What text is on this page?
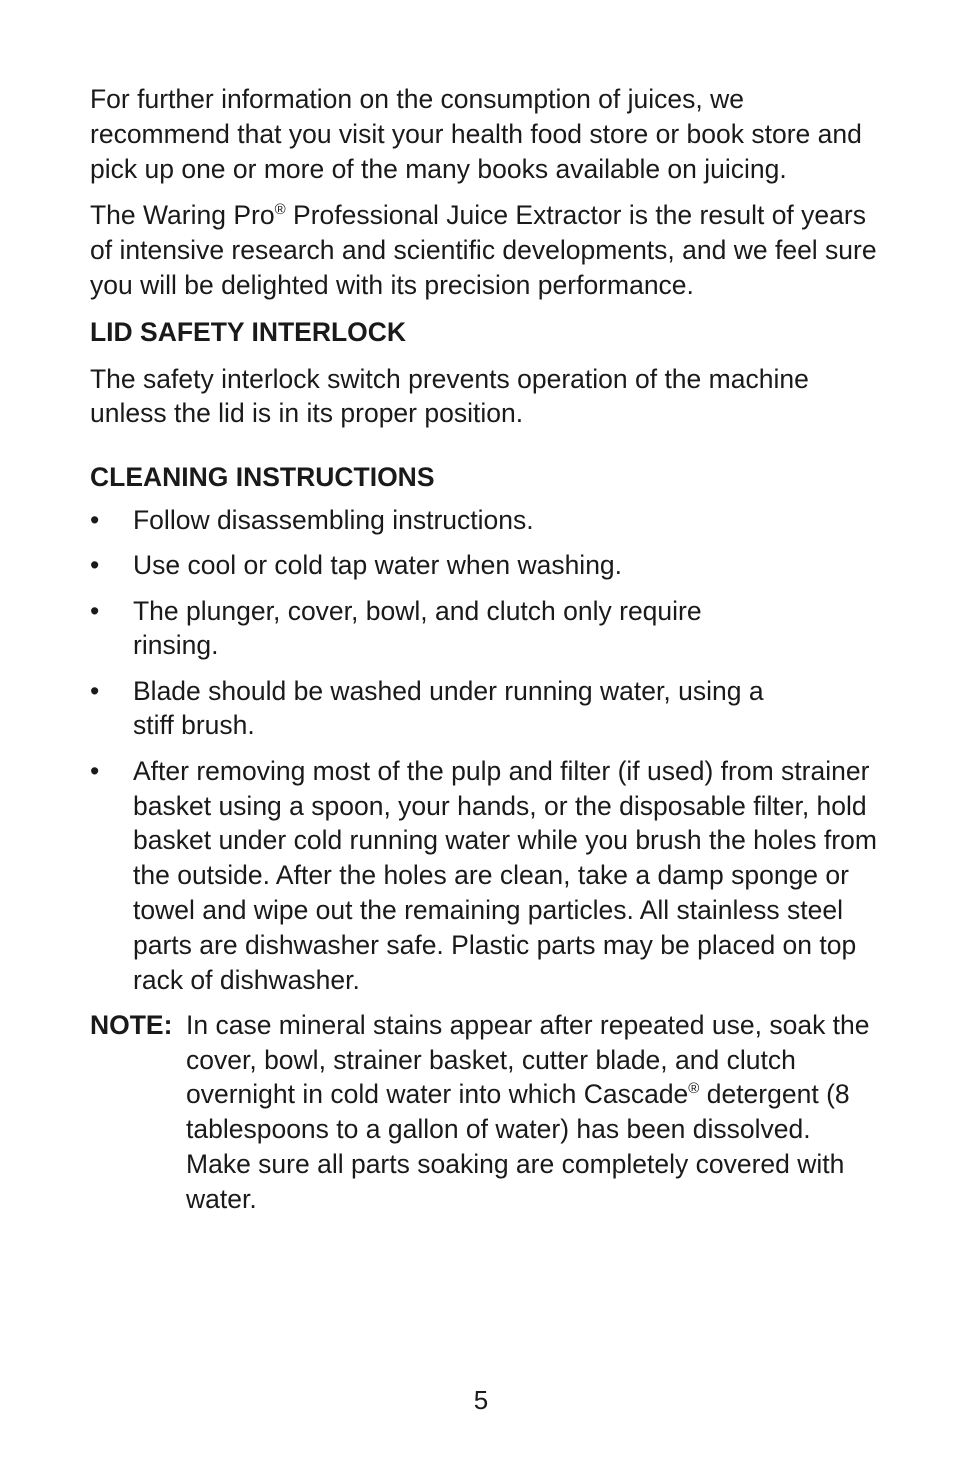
For further information on the consumption of juices, we recommend that you visit your health food store or book store and pick up one or more of the many books available on juicing.

The Waring Pro® Professional Juice Extractor is the result of years of intensive research and scientific developments, and we feel sure you will be delighted with its precision performance.

LID SAFETY INTERLOCK

The safety interlock switch prevents operation of the machine unless the lid is in its proper position.

CLEANING INSTRUCTIONS

• Follow disassembling instructions.
• Use cool or cold tap water when washing.
• The plunger, cover, bowl, and clutch only require rinsing.
• Blade should be washed under running water, using a stiff brush.
• After removing most of the pulp and filter (if used) from strainer basket using a spoon, your hands, or the disposable filter, hold basket under cold running water while you brush the holes from the outside. After the holes are clean, take a damp sponge or towel and wipe out the remaining particles. All stainless steel parts are dishwasher safe. Plastic parts may be placed on top rack of dishwasher.
NOTE: In case mineral stains appear after repeated use, soak the cover, bowl, strainer basket, cutter blade, and clutch overnight in cold water into which Cascade® detergent (8 tablespoons to a gallon of water) has been dissolved. Make sure all parts soaking are completely covered with water.
5
